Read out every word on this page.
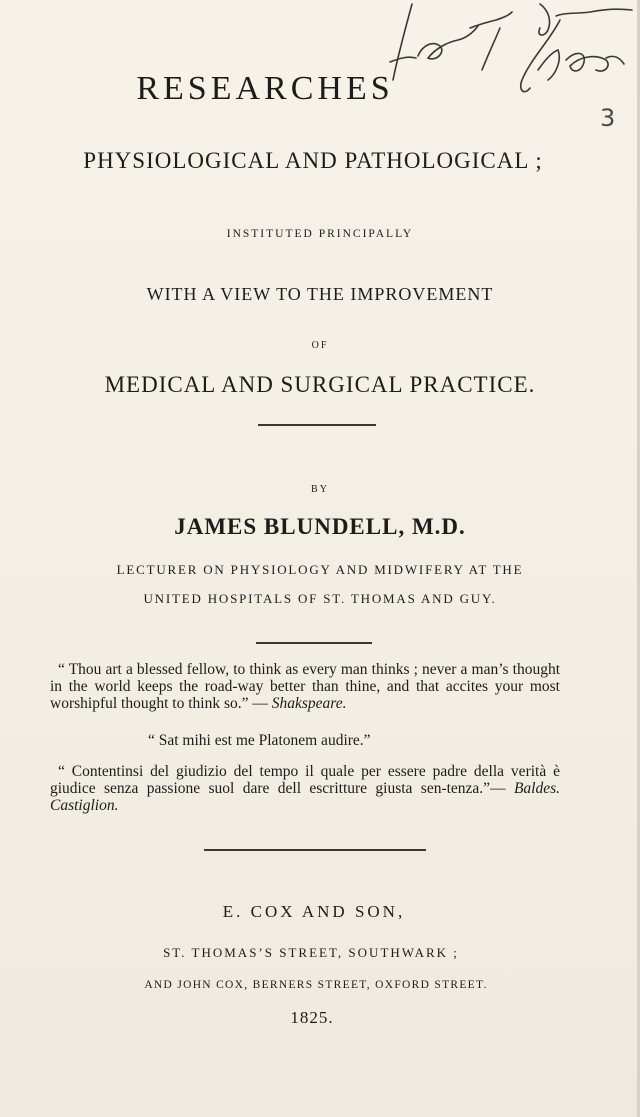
3
RESEARCHES
PHYSIOLOGICAL AND PATHOLOGICAL ;
INSTITUTED PRINCIPALLY
WITH A VIEW TO THE IMPROVEMENT
OF
MEDICAL AND SURGICAL PRACTICE.
BY
JAMES BLUNDELL, M.D.
LECTURER ON PHYSIOLOGY AND MIDWIFERY AT THE
UNITED HOSPITALS OF ST. THOMAS AND GUY.
“ Thou art a blessed fellow, to think as every man thinks ; never a man’s thought in the world keeps the road-way better than thine, and that accites your most worshipful thought to think so.” — Shakspeare.
“ Sat mihi est me Platonem audire.”
“ Contentinsi del giudizio del tempo il quale per essere padre della verità è giudice senza passione suol dare dell escritture giusta sen-tenza.”— Baldes. Castiglion.
E. COX AND SON,
ST. THOMAS’S STREET, SOUTHWARK ;
AND JOHN COX, BERNERS STREET, OXFORD STREET.
1825.
